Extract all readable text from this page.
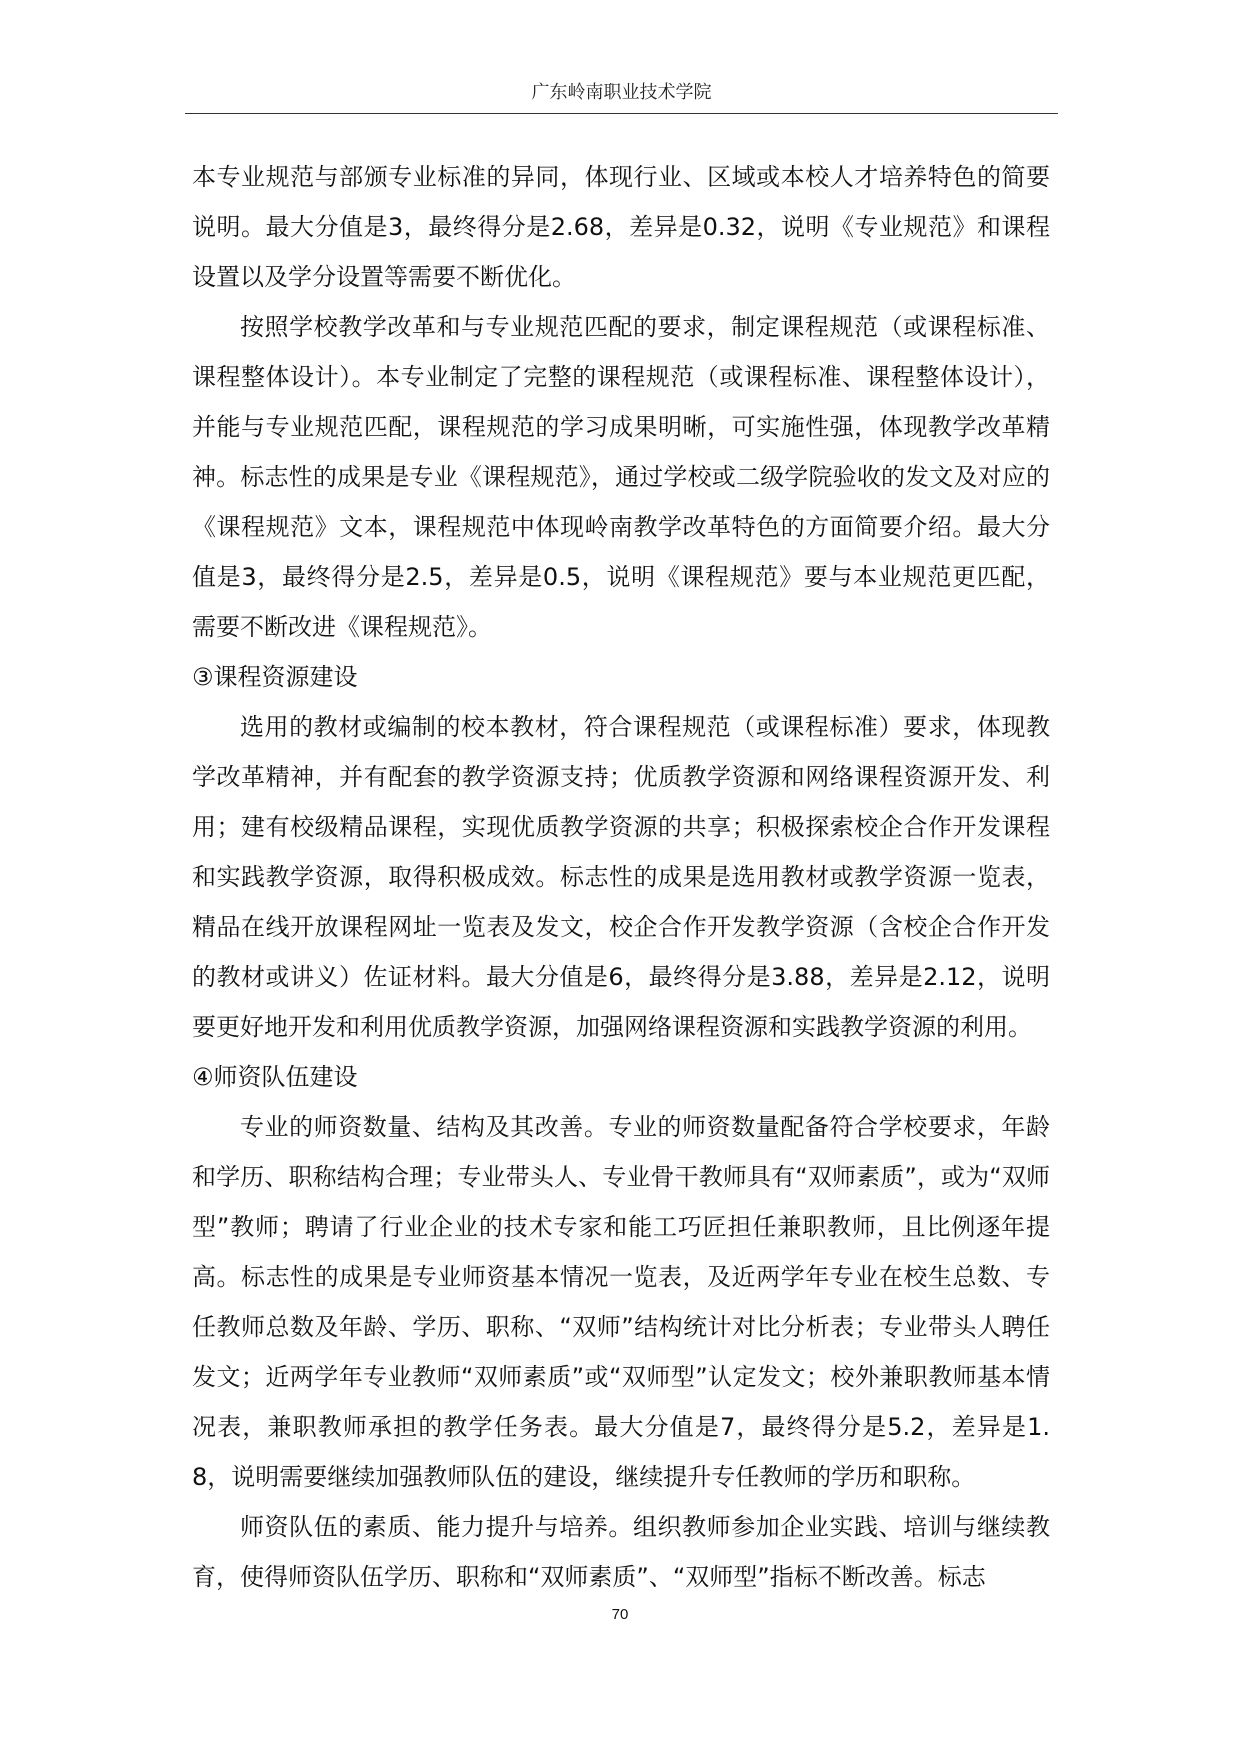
广东岭南职业技术学院

本专业规范与部颁专业标准的异同，体现行业、区域或本校人才培养特色的简要说明。最大分值是3，最终得分是2.68，差异是0.32，说明《专业规范》和课程设置以及学分设置等需要不断优化。

按照学校教学改革和与专业规范匹配的要求，制定课程规范（或课程标准、课程整体设计）。本专业制定了完整的课程规范（或课程标准、课程整体设计），并能与专业规范匹配，课程规范的学习成果明晰，可实施性强，体现教学改革精神。标志性的成果是专业《课程规范》，通过学校或二级学院验收的发文及对应的《课程规范》文本，课程规范中体现岭南教学改革特色的方面简要介绍。最大分值是3，最终得分是2.5，差异是0.5，说明《课程规范》要与本业规范更匹配，需要不断改进《课程规范》。

③课程资源建设

选用的教材或编制的校本教材，符合课程规范（或课程标准）要求，体现教学改革精神，并有配套的教学资源支持；优质教学资源和网络课程资源开发、利用；建有校级精品课程，实现优质教学资源的共享；积极探索校企合作开发课程和实践教学资源，取得积极成效。标志性的成果是选用教材或教学资源一览表，精品在线开放课程网址一览表及发文，校企合作开发教学资源（含校企合作开发的教材或讲义）佐证材料。最大分值是6，最终得分是3.88，差异是2.12，说明要更好地开发和利用优质教学资源，加强网络课程资源和实践教学资源的利用。

④师资队伍建设

专业的师资数量、结构及其改善。专业的师资数量配备符合学校要求，年龄和学历、职称结构合理；专业带头人、专业骨干教师具有“双师素质”，或为“双师型”教师；聘请了行业企业的技术专家和能工巧匠担任兼职教师，且比例逐年提高。标志性的成果是专业师资基本情况一览表，及近两学年专业在校生总数、专任教师总数及年龄、学历、职称、“双师”结构统计对比分析表；专业带头人聘任发文；近两学年专业教师“双师素质”或“双师型”认定发文；校外兼职教师基本情况表，兼职教师承担的教学任务表。最大分值是7，最终得分是5.2，差异是1.8，说明需要继续加强教师队伍的建设，继续提升专任教师的学历和职称。

师资队伍的素质、能力提升与培养。组织教师参加企业实践、培训与继续教育，使得师资队伍学历、职称和“双师素质”、“双师型”指标不断改善。标志

70
